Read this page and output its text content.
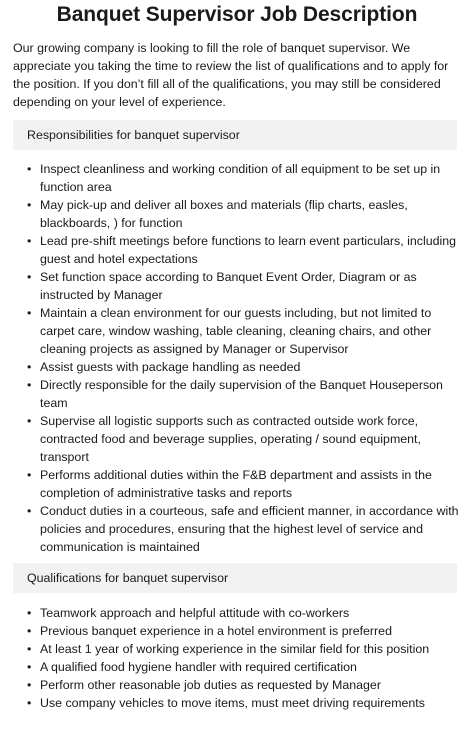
Banquet Supervisor Job Description

Our growing company is looking to fill the role of banquet supervisor. We appreciate you taking the time to review the list of qualifications and to apply for the position. If you don’t fill all of the qualifications, you may still be considered depending on your level of experience.

Responsibilities for banquet supervisor
• Inspect cleanliness and working condition of all equipment to be set up in function area
• May pick-up and deliver all boxes and materials (flip charts, easles, blackboards, ) for function
• Lead pre-shift meetings before functions to learn event particulars, including guest and hotel expectations
• Set function space according to Banquet Event Order, Diagram or as instructed by Manager
• Maintain a clean environment for our guests including, but not limited to carpet care, window washing, table cleaning, cleaning chairs, and other cleaning projects as assigned by Manager or Supervisor
• Assist guests with package handling as needed
• Directly responsible for the daily supervision of the Banquet Houseperson team
• Supervise all logistic supports such as contracted outside work force, contracted food and beverage supplies, operating / sound equipment, transport
• Performs additional duties within the F&B department and assists in the completion of administrative tasks and reports
• Conduct duties in a courteous, safe and efficient manner, in accordance with policies and procedures, ensuring that the highest level of service and communication is maintained
Qualifications for banquet supervisor
• Teamwork approach and helpful attitude with co-workers
• Previous banquet experience in a hotel environment is preferred
• At least 1 year of working experience in the similar field for this position
• A qualified food hygiene handler with required certification
• Perform other reasonable job duties as requested by Manager
• Use company vehicles to move items, must meet driving requirements
